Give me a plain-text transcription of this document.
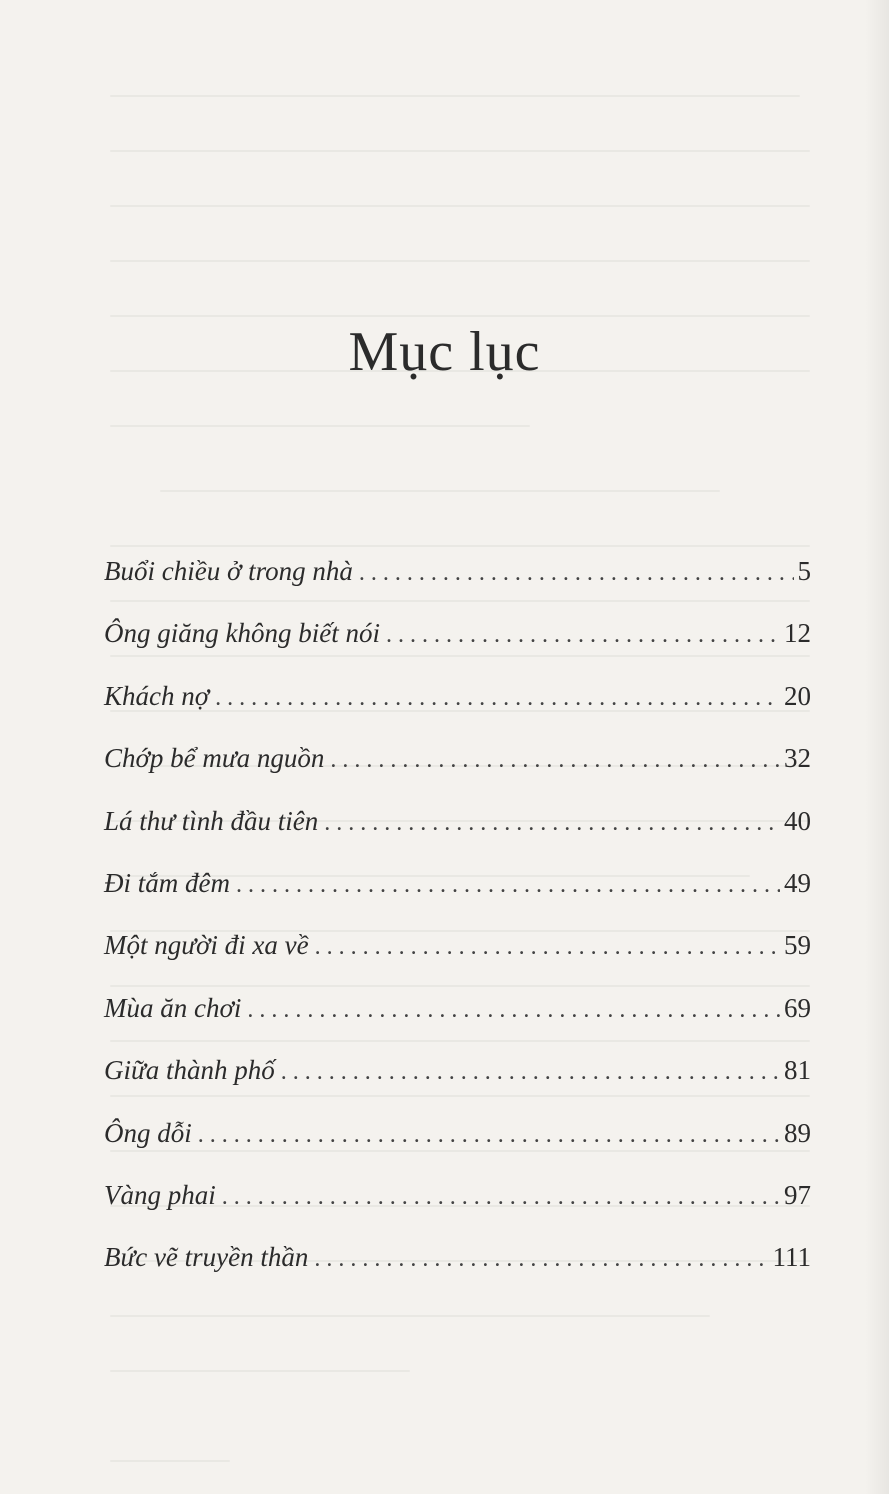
Mục lục
Buổi chiều ở trong nhà . . .	5
Ông giăng không biết nói . . .	12
Khách nợ . . .	20
Chớp bể mưa nguồn . . .	32
Lá thư tình đầu tiên . . .	40
Đi tắm đêm . . .	49
Một người đi xa về . . .	59
Mùa ăn chơi . . .	69
Giữa thành phố . . .	81
Ông dỗi . . .	89
Vàng phai . . .	97
Bức vẽ truyền thần . . .	111
